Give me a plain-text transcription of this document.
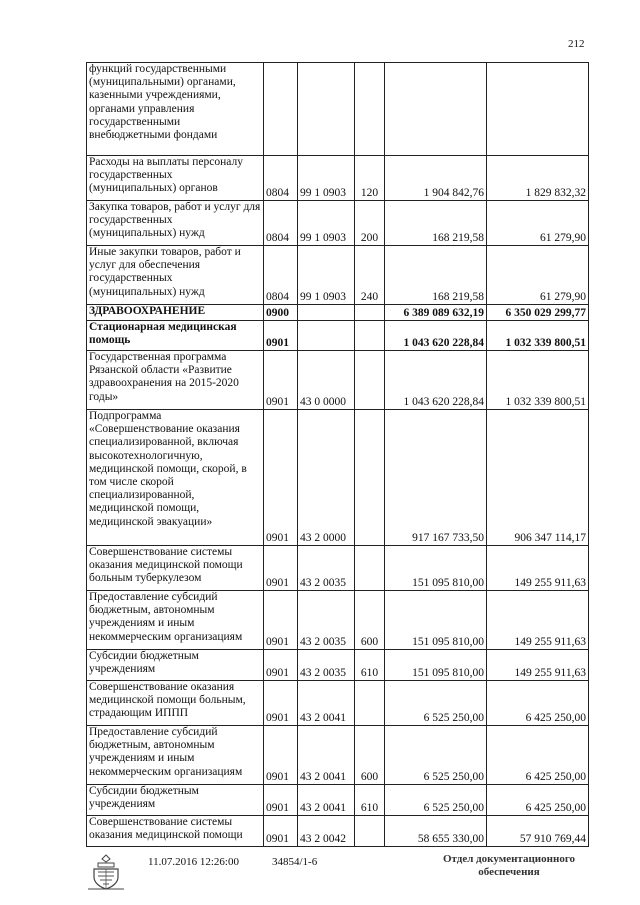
212
функций государственными (муниципальными) органами, казенными учреждениями, органами управления государственными внебюджетными фондами					
Расходы на выплаты персоналу государственных (муниципальных) органов	0804	99 1 0903	120	1 904 842,76	1 829 832,32
Закупка товаров, работ и услуг для государственных (муниципальных) нужд	0804	99 1 0903	200	168 219,58	61 279,90
Иные закупки товаров, работ и услуг для обеспечения государственных (муниципальных) нужд	0804	99 1 0903	240	168 219,58	61 279,90
ЗДРАВООХРАНЕНИЕ	0900			6 389 089 632,19	6 350 029 299,77
Стационарная медицинская помощь	0901			1 043 620 228,84	1 032 339 800,51
Государственная программа Рязанской области «Развитие здравоохранения на 2015-2020 годы»	0901	43 0 0000		1 043 620 228,84	1 032 339 800,51
Подпрограмма «Совершенствование оказания специализированной, включая высокотехнологичную, медицинской помощи, скорой, в том числе скорой специализированной, медицинской помощи, медицинской эвакуации»	0901	43 2 0000		917 167 733,50	906 347 114,17
Совершенствование системы оказания медицинской помощи больным туберкулезом	0901	43 2 0035		151 095 810,00	149 255 911,63
Предоставление субсидий бюджетным, автономным учреждениям и иным некоммерческим организациям	0901	43 2 0035	600	151 095 810,00	149 255 911,63
Субсидии бюджетным учреждениям	0901	43 2 0035	610	151 095 810,00	149 255 911,63
Совершенствование оказания медицинской помощи больным, страдающим ИППП	0901	43 2 0041		6 525 250,00	6 425 250,00
Предоставление субсидий бюджетным, автономным учреждениям и иным некоммерческим организациям	0901	43 2 0041	600	6 525 250,00	6 425 250,00
Субсидии бюджетным учреждениям	0901	43 2 0041	610	6 525 250,00	6 425 250,00
Совершенствование системы оказания медицинской помощи	0901	43 2 0042		58 655 330,00	57 910 769,44
11.07.2016 12:26:00	34854/1-6	Отдел документационного обеспечения
